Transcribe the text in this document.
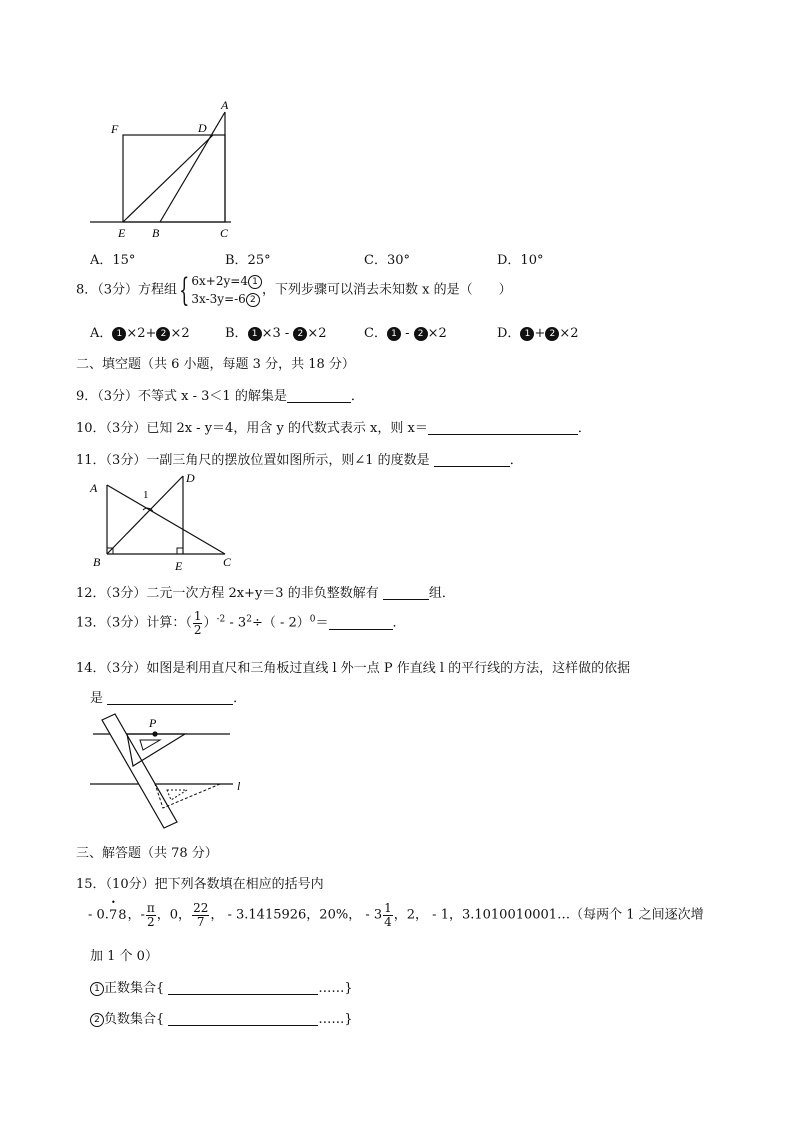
A
D
F
E B	C
A．15°	B．25°	C．30°	D．10°
8．（3分）方程组{ 6x+2y=4 1
3x-3y=-6 2，下列步骤可以消去未知数 x 的是（　　）
A． 1 ×2+ 2 ×2	B． 1 ×3 - 2 ×2	C． 1 - 2 ×2	D． 1 + 2 ×2
二、填空题（共 6 小题，每题 3 分，共 18 分）
9．（3分）不等式 x - 3＜1 的解集是	．
10．（3分）已知 2x - y＝4，用含 y 的代数式表示 x，则 x＝	．
11．（3分）一副三角尺的摆放位置如图所示，则∠1 的度数是	．
A
D
1
B	E	C
12．（3分）二元一次方程 2x+y＝3 的非负整数解有	组．
13．（3分）计算：（ $\frac{1}{2} )^{-2} - 3^2\div( - 2)^0=$	．
14．（3分）如图是利用直尺和三角板过直线 l 外一点 P 作直线 l 的平行线的方法，这样做的依据
是	．
P
l
三、解答题（共 78 分）
15．（10分）把下列各数填在相应的括号内
- 0.• 78，- $\frac{\pi}{2}$ ，0， $\frac{22}{7}$ ， - 3.1415926，20%， - $3 \frac{1}{4}$ ，2， - 1，3.1010010001…（每两个 1 之间逐次增
加 1 个 0）
1 正数集合{	……}
2 负数集合{	……}
